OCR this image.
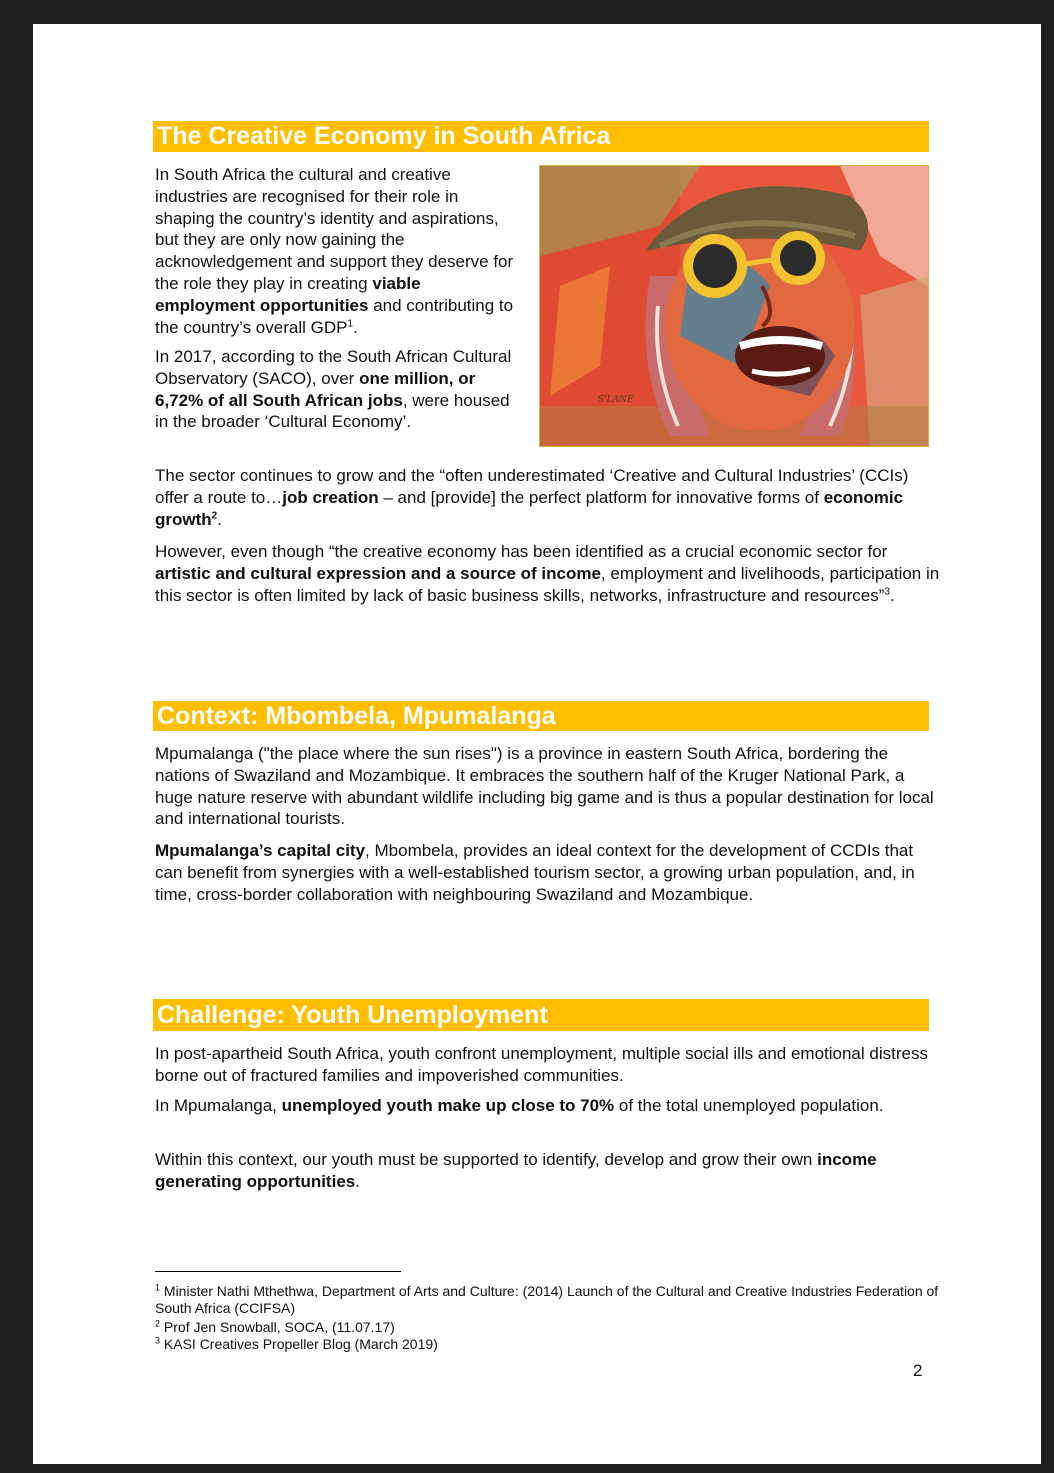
The Creative Economy in South Africa
In South Africa the cultural and creative industries are recognised for their role in shaping the country’s identity and aspirations, but they are only now gaining the acknowledgement and support they deserve for the role they play in creating viable employment opportunities and contributing to the country’s overall GDP$^1$.
In 2017, according to the South African Cultural Observatory (SACO), over one million, or 6,72% of all South African jobs, were housed in the broader ‘Cultural Economy’.
S'LANE
The sector continues to grow and the “often underestimated ‘Creative and Cultural Industries’ (CCIs) offer a route to…job creation – and [provide] the perfect platform for innovative forms of economic growth$^2$.
However, even though “the creative economy has been identified as a crucial economic sector for artistic and cultural expression and a source of income, employment and livelihoods, participation in this sector is often limited by lack of basic business skills, networks, infrastructure and resources”$^3$.
Context: Mbombela, Mpumalanga
Mpumalanga ("the place where the sun rises") is a province in eastern South Africa, bordering the nations of Swaziland and Mozambique. It embraces the southern half of the Kruger National Park, a huge nature reserve with abundant wildlife including big game and is thus a popular destination for local and international tourists.
Mpumalanga’s capital city, Mbombela, provides an ideal context for the development of CCDIs that can benefit from synergies with a well-established tourism sector, a growing urban population, and, in time, cross-border collaboration with neighbouring Swaziland and Mozambique.
Challenge: Youth Unemployment
In post-apartheid South Africa, youth confront unemployment, multiple social ills and emotional distress borne out of fractured families and impoverished communities.
In Mpumalanga, unemployed youth make up close to 70% of the total unemployed population.
Within this context, our youth must be supported to identify, develop and grow their own income generating opportunities.
$^1$ Minister Nathi Mthethwa, Department of Arts and Culture: (2014) Launch of the Cultural and Creative Industries Federation of South Africa (CCIFSA)
$^2$ Prof Jen Snowball, SOCA, (11.07.17)
$^3$ KASI Creatives Propeller Blog (March 2019)
2
